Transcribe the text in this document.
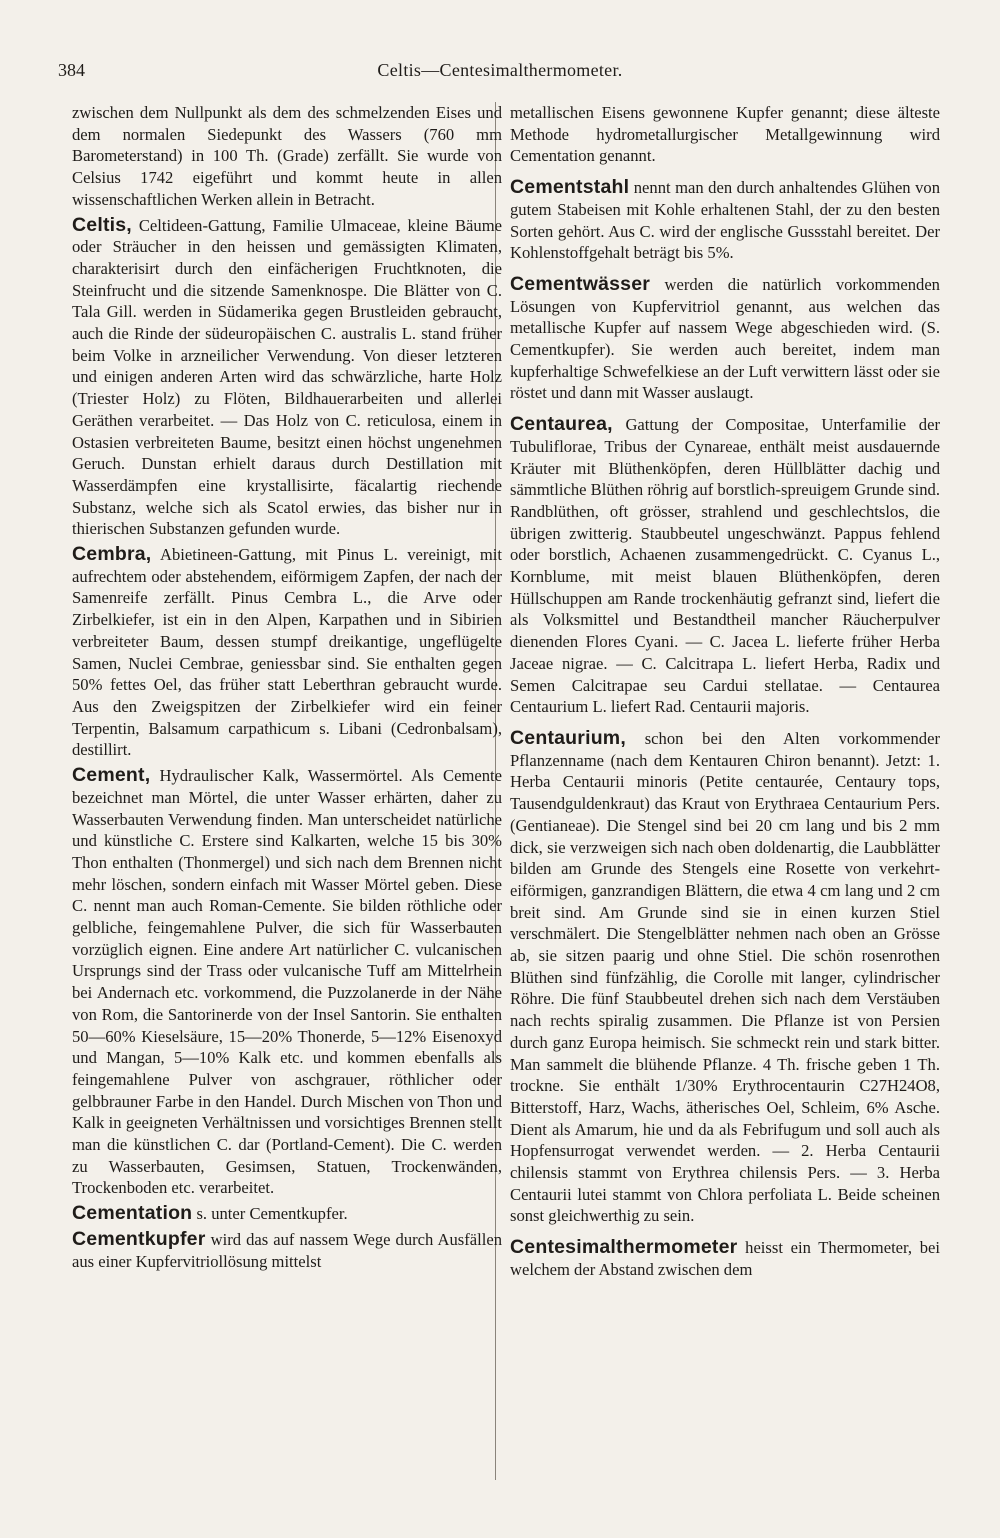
384	Celtis—Centesimalthermometer.

zwischen dem Nullpunkt als dem des schmelzenden Eises und dem normalen Siedepunkt des Wassers (760 mm Barometerstand) in 100 Th. (Grade) zerfällt. Sie wurde von Celsius 1742 eigeführt und kommt heute in allen wissenschaftlichen Werken allein in Betracht.

Celtis, Celtideen-Gattung, Familie Ulmaceae, kleine Bäume oder Sträucher in den heissen und gemässigten Klimaten, charakterisirt durch den einfächerigen Fruchtknoten, die Steinfrucht und die sitzende Samenknospe. Die Blätter von C. Tala Gill. werden in Südamerika gegen Brustleiden gebraucht, auch die Rinde der südeuropäischen C. australis L. stand früher beim Volke in arzneilicher Verwendung. Von dieser letzteren und einigen anderen Arten wird das schwärzliche, harte Holz (Triester Holz) zu Flöten, Bildhauerarbeiten und allerlei Geräthen verarbeitet. — Das Holz von C. reticulosa, einem in Ostasien verbreiteten Baume, besitzt einen höchst ungenehmen Geruch. Dunstan erhielt daraus durch Destillation mit Wasserdämpfen eine krystallisirte, fäcalartig riechende Substanz, welche sich als Scatol erwies, das bisher nur in thierischen Substanzen gefunden wurde.

Cembra, Abietineen-Gattung, mit Pinus L. vereinigt, mit aufrechtem oder abstehendem, eiförmigem Zapfen, der nach der Samenreife zerfällt. Pinus Cembra L., die Arve oder Zirbelkiefer, ist ein in den Alpen, Karpathen und in Sibirien verbreiteter Baum, dessen stumpf dreikantige, ungeflügelte Samen, Nuclei Cembrae, geniessbar sind. Sie enthalten gegen 50% fettes Oel, das früher statt Leberthran gebraucht wurde. Aus den Zweigspitzen der Zirbelkiefer wird ein feiner Terpentin, Balsamum carpathicum s. Libani (Cedronbalsam), destillirt.

Cement, Hydraulischer Kalk, Wassermörtel. Als Cemente bezeichnet man Mörtel, die unter Wasser erhärten, daher zu Wasserbauten Verwendung finden. Man unterscheidet natürliche und künstliche C. Erstere sind Kalkarten, welche 15 bis 30% Thon enthalten (Thonmergel) und sich nach dem Brennen nicht mehr löschen, sondern einfach mit Wasser Mörtel geben. Diese C. nennt man auch Roman-Cemente. Sie bilden röthliche oder gelbliche, feingemahlene Pulver, die sich für Wasserbauten vorzüglich eignen. Eine andere Art natürlicher C. vulcanischen Ursprungs sind der Trass oder vulcanische Tuff am Mittelrhein bei Andernach etc. vorkommend, die Puzzolanerde in der Nähe von Rom, die Santorinerde von der Insel Santorin. Sie enthalten 50—60% Kieselsäure, 15—20% Thonerde, 5—12% Eisenoxyd und Mangan, 5—10% Kalk etc. und kommen ebenfalls als feingemahlene Pulver von aschgrauer, röthlicher oder gelbbrauner Farbe in den Handel. Durch Mischen von Thon und Kalk in geeigneten Verhältnissen und vorsichtiges Brennen stellt man die künstlichen C. dar (Portland-Cement). Die C. werden zu Wasserbauten, Gesimsen, Statuen, Trockenwänden, Trockenboden etc. verarbeitet.

Cementation s. unter Cementkupfer.

Cementkupfer wird das auf nassem Wege durch Ausfällen aus einer Kupfervitriollösung mittelst

metallischen Eisens gewonnene Kupfer genannt; diese älteste Methode hydrometallurgischer Metallgewinnung wird Cementation genannt.

Cementstahl nennt man den durch anhaltendes Glühen von gutem Stabeisen mit Kohle erhaltenen Stahl, der zu den besten Sorten gehört. Aus C. wird der englische Gussstahl bereitet. Der Kohlenstoffgehalt beträgt bis 5%.

Cementwässer werden die natürlich vorkommenden Lösungen von Kupfervitriol genannt, aus welchen das metallische Kupfer auf nassem Wege abgeschieden wird. (S. Cementkupfer). Sie werden auch bereitet, indem man kupferhaltige Schwefelkiese an der Luft verwittern lässt oder sie röstet und dann mit Wasser auslaugt.

Centaurea, Gattung der Compositae, Unterfamilie der Tubuliflorae, Tribus der Cynareae, enthält meist ausdauernde Kräuter mit Blüthenköpfen, deren Hüllblätter dachig und sämmtliche Blüthen röhrig auf borstlich-spreuigem Grunde sind. Randblüthen, oft grösser, strahlend und geschlechtslos, die übrigen zwitterig. Staubbeutel ungeschwänzt. Pappus fehlend oder borstlich, Achaenen zusammengedrückt. C. Cyanus L., Kornblume, mit meist blauen Blüthenköpfen, deren Hüllschuppen am Rande trockenhäutig gefranzt sind, liefert die als Volksmittel und Bestandtheil mancher Räucherpulver dienenden Flores Cyani. — C. Jacea L. lieferte früher Herba Jaceae nigrae. — C. Calcitrapa L. liefert Herba, Radix und Semen Calcitrapae seu Cardui stellatae. — Centaurea Centaurium L. liefert Rad. Centaurii majoris.

Centaurium, schon bei den Alten vorkommender Pflanzenname (nach dem Kentauren Chiron benannt). Jetzt: 1. Herba Centaurii minoris (Petite centaurée, Centaury tops, Tausendguldenkraut) das Kraut von Erythraea Centaurium Pers. (Gentianeae). Die Stengel sind bei 20 cm lang und bis 2 mm dick, sie verzweigen sich nach oben doldenartig, die Laubblätter bilden am Grunde des Stengels eine Rosette von verkehrt-eiförmigen, ganzrandigen Blättern, die etwa 4 cm lang und 2 cm breit sind. Am Grunde sind sie in einen kurzen Stiel verschmälert. Die Stengelblätter nehmen nach oben an Grösse ab, sie sitzen paarig und ohne Stiel. Die schön rosenrothen Blüthen sind fünfzählig, die Corolle mit langer, cylindrischer Röhre. Die fünf Staubbeutel drehen sich nach dem Verstäuben nach rechts spiralig zusammen. Die Pflanze ist von Persien durch ganz Europa heimisch. Sie schmeckt rein und stark bitter. Man sammelt die blühende Pflanze. 4 Th. frische geben 1 Th. trockne. Sie enthält 1/30% Erythrocentaurin C27H24O8, Bitterstoff, Harz, Wachs, ätherisches Oel, Schleim, 6% Asche. Dient als Amarum, hie und da als Febrifugum und soll auch als Hopfensurrogat verwendet werden. — 2. Herba Centaurii chilensis stammt von Erythrea chilensis Pers. — 3. Herba Centaurii lutei stammt von Chlora perfoliata L. Beide scheinen sonst gleichwerthig zu sein.

Centesimalthermometer heisst ein Thermometer, bei welchem der Abstand zwischen dem
